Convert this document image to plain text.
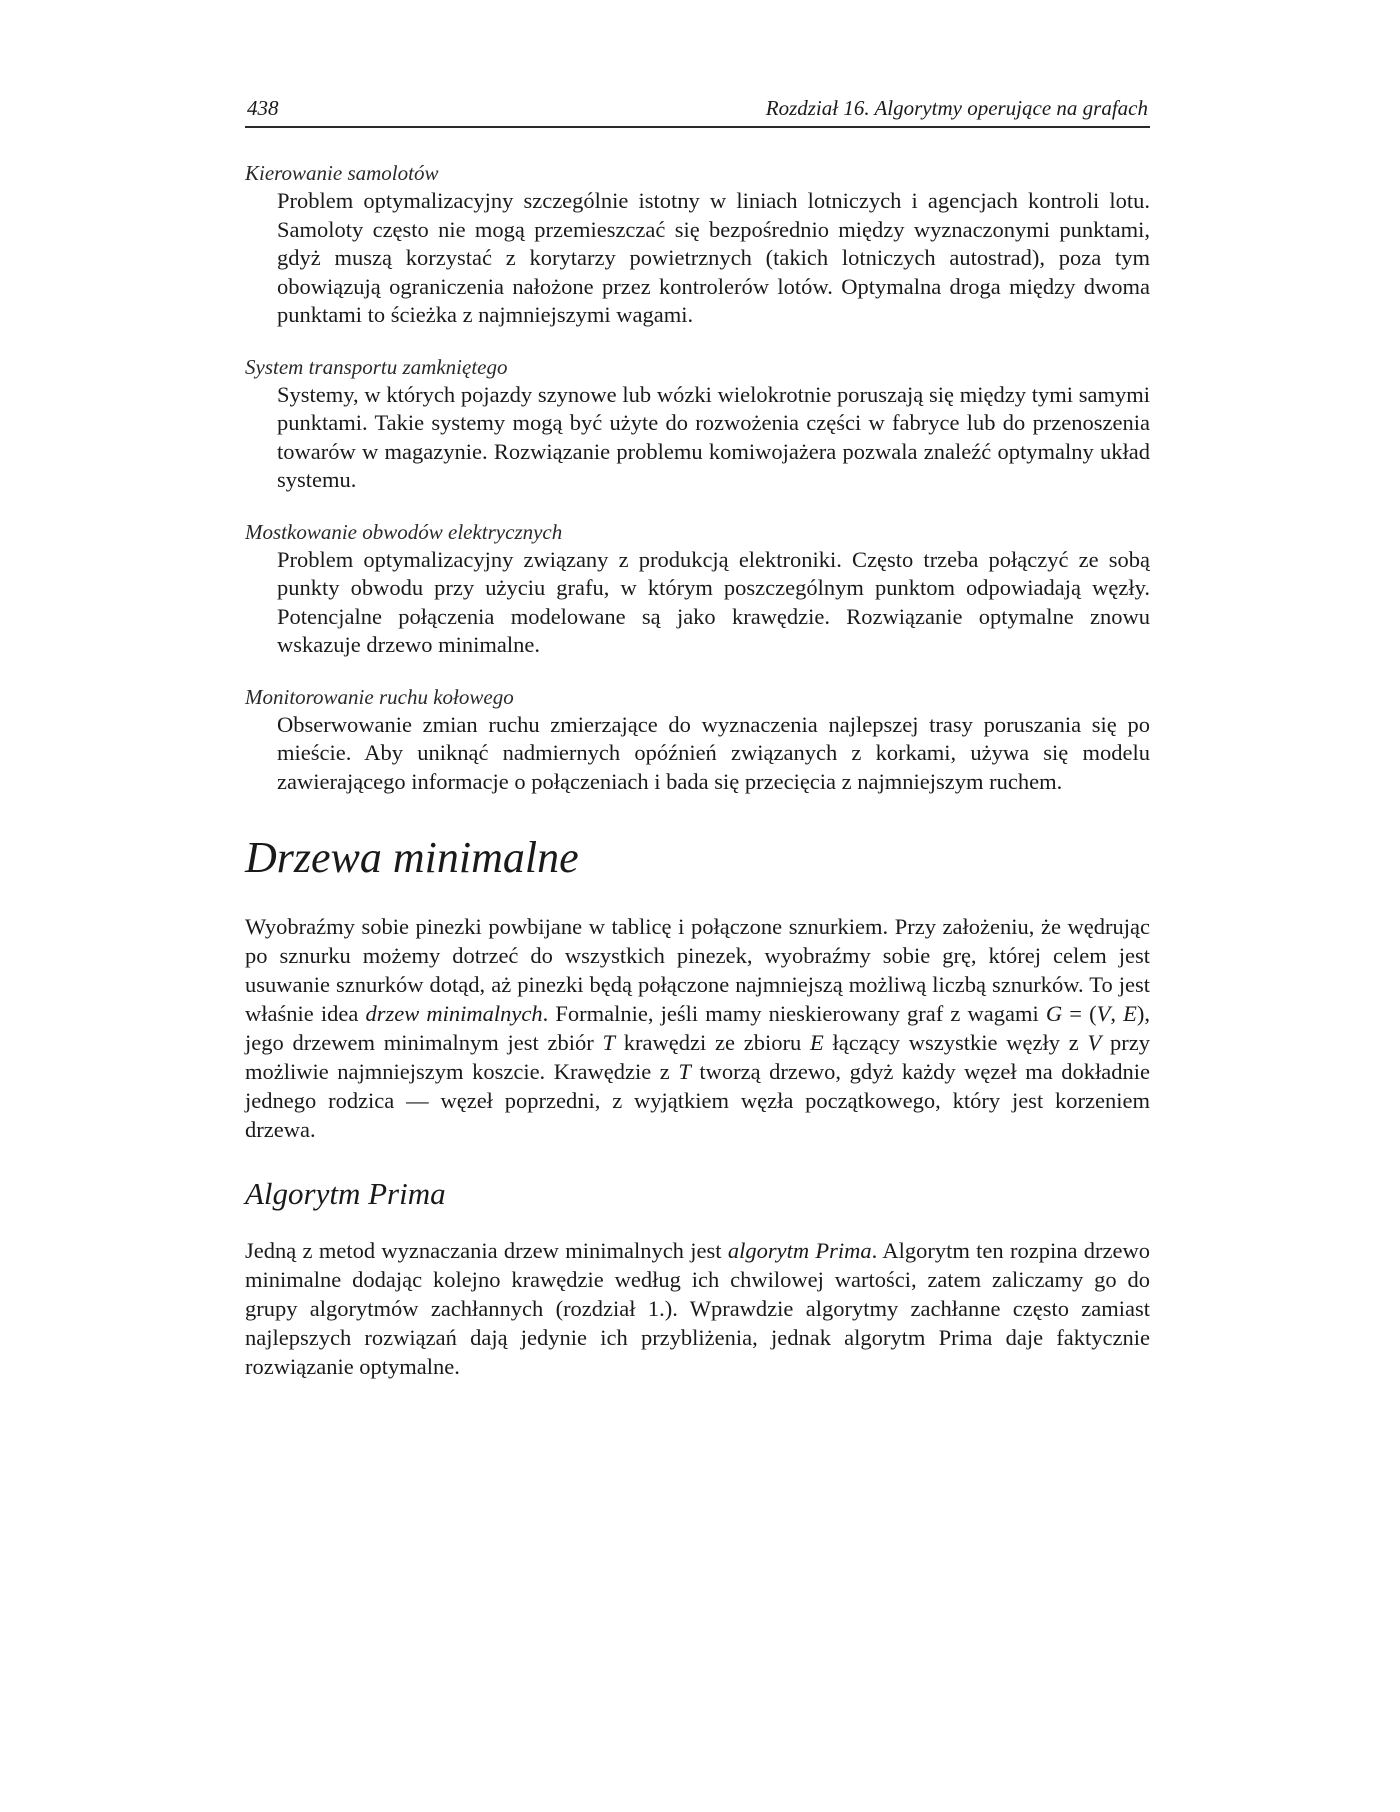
438	Rozdział 16. Algorytmy operujące na grafach
Kierowanie samolotów
Problem optymalizacyjny szczególnie istotny w liniach lotniczych i agencjach kontroli lotu. Samoloty często nie mogą przemieszczać się bezpośrednio między wyznaczonymi punktami, gdyż muszą korzystać z korytarzy powietrznych (takich lotniczych autostrad), poza tym obowiązują ograniczenia nałożone przez kontrolerów lotów. Optymalna droga między dwoma punktami to ścieżka z najmniejszymi wagami.
System transportu zamkniętego
Systemy, w których pojazdy szynowe lub wózki wielokrotnie poruszają się między tymi samymi punktami. Takie systemy mogą być użyte do rozwożenia części w fabryce lub do przenoszenia towarów w magazynie. Rozwiązanie problemu komiwojażera pozwala znaleźć optymalny układ systemu.
Mostkowanie obwodów elektrycznych
Problem optymalizacyjny związany z produkcją elektroniki. Często trzeba połączyć ze sobą punkty obwodu przy użyciu grafu, w którym poszczególnym punktom odpowiadają węzły. Potencjalne połączenia modelowane są jako krawędzie. Rozwiązanie optymalne znowu wskazuje drzewo minimalne.
Monitorowanie ruchu kołowego
Obserwowanie zmian ruchu zmierzające do wyznaczenia najlepszej trasy poruszania się po mieście. Aby uniknąć nadmiernych opóźnień związanych z korkami, używa się modelu zawierającego informacje o połączeniach i bada się przecięcia z najmniejszym ruchem.
Drzewa minimalne
Wyobraźmy sobie pinezki powbijane w tablicę i połączone sznurkiem. Przy założeniu, że wędrując po sznurku możemy dotrzeć do wszystkich pinezek, wyobraźmy sobie grę, której celem jest usuwanie sznurków dotąd, aż pinezki będą połączone najmniejszą możliwą liczbą sznurków. To jest właśnie idea drzew minimalnych. Formalnie, jeśli mamy nieskierowany graf z wagami G = (V, E), jego drzewem minimalnym jest zbiór T krawędzi ze zbioru E łączący wszystkie węzły z V przy możliwie najmniejszym koszcie. Krawędzie z T tworzą drzewo, gdyż każdy węzeł ma dokładnie jednego rodzica — węzeł poprzedni, z wyjątkiem węzła początkowego, który jest korzeniem drzewa.
Algorytm Prima
Jedną z metod wyznaczania drzew minimalnych jest algorytm Prima. Algorytm ten rozpina drzewo minimalne dodając kolejno krawędzie według ich chwilowej wartości, zatem zaliczamy go do grupy algorytmów zachłannych (rozdział 1.). Wprawdzie algorytmy zachłanne często zamiast najlepszych rozwiązań dają jedynie ich przybliżenia, jednak algorytm Prima daje faktycznie rozwiązanie optymalne.
